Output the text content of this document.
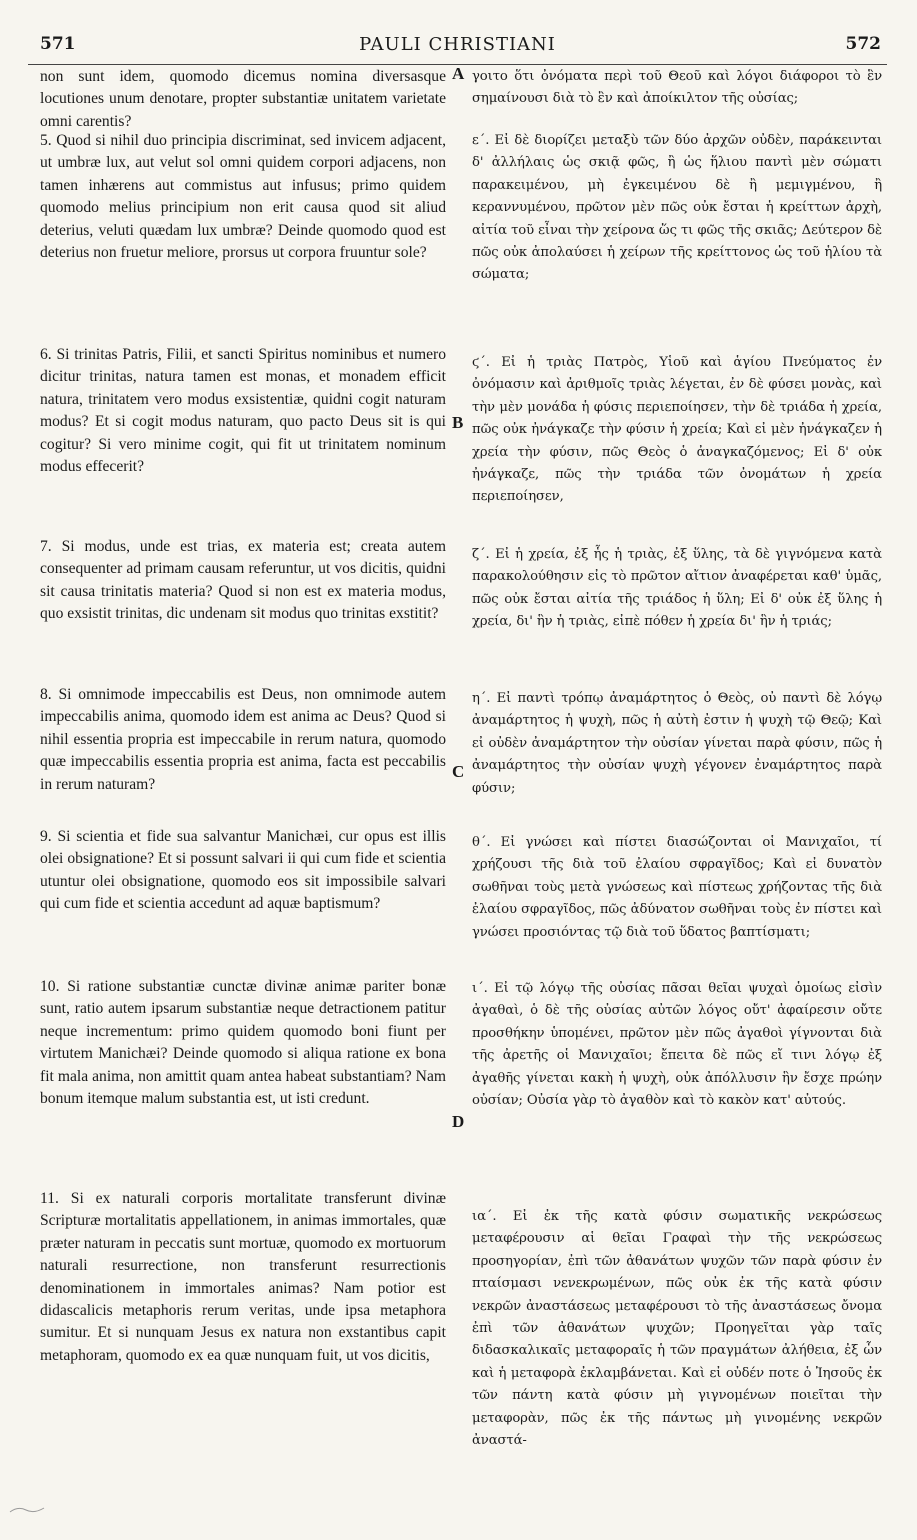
571	PAULI CHRISTIANI	572
A
B
C
D

non sunt idem, quomodo dicemus nomina diversasque locutiones unum denotare, propter substantiæ unitatem varietate omni carentis?

5. Quod si nihil duo principia discriminat, sed invicem adjacent, ut umbræ lux, aut velut sol omni quidem corpori adjacens, non tamen inhærens aut commistus aut infusus; primo quidem quomodo melius principium non erit causa quod sit aliud deterius, veluti quædam lux umbræ? Deinde quomodo quod est deterius non fruetur meliore, prorsus ut corpora fruuntur sole?

6. Si trinitas Patris, Filii, et sancti Spiritus nominibus et numero dicitur trinitas, natura tamen est monas, et monadem efficit natura, trinitatem vero modus exsistentiæ, quidni cogit naturam modus? Et si cogit modus naturam, quo pacto Deus sit is qui cogitur? Si vero minime cogit, qui fit ut trinitatem nominum modus effecerit?

7. Si modus, unde est trias, ex materia est; creata autem consequenter ad primam causam referuntur, ut vos dicitis, quidni sit causa trinitatis materia? Quod si non est ex materia modus, quo exsistit trinitas, dic undenam sit modus quo trinitas exstitit?

8. Si omnimode impeccabilis est Deus, non omnimode autem impeccabilis anima, quomodo idem est anima ac Deus? Quod si nihil essentia propria est impeccabile in rerum natura, quomodo quæ impeccabilis essentia propria est anima, facta est peccabilis in rerum naturam?

9. Si scientia et fide sua salvantur Manichæi, cur opus est illis olei obsignatione? Et si possunt salvari ii qui cum fide et scientia utuntur olei obsignatione, quomodo eos sit impossibile salvari qui cum fide et scientia accedunt ad aquæ baptismum?

10. Si ratione substantiæ cunctæ divinæ animæ pariter bonæ sunt, ratio autem ipsarum substantiæ neque detractionem patitur neque incrementum: primo quidem quomodo boni fiunt per virtutem Manichæi? Deinde quomodo si aliqua ratione ex bona fit mala anima, non amittit quam antea habeat substantiam? Nam bonum itemque malum substantia est, ut isti credunt.

11. Si ex naturali corporis mortalitate transferunt divinæ Scripturæ mortalitatis appellationem, in animas immortales, quæ præter naturam in peccatis sunt mortuæ, quomodo ex mortuorum naturali resurrectione, non transferunt resurrectionis denominationem in immortales animas? Nam potior est didascalicis metaphoris rerum veritas, unde ipsa metaphora sumitur. Et si nunquam Jesus ex natura non exstantibus capit metaphoram, quomodo ex ea quæ nunquam fuit, ut vos dicitis,

γοιτο ὅτι ὀνόματα περὶ τοῦ Θεοῦ καὶ λόγοι διάφοροι τὸ ἓν σημαίνουσι διὰ τὸ ἓν καὶ ἀποίκιλτον τῆς οὐσίας;

ε΄. Εἰ δὲ διορίζει μεταξὺ τῶν δύο ἀρχῶν οὐδὲν, παράκεινται δ' ἀλλήλαις ὡς σκιᾷ φῶς, ἢ ὡς ἥλιου παντὶ μὲν σώματι παρακειμένου, μὴ ἐγκειμένου δὲ ἢ μεμιγμένου, ἢ κεραννυμένου, πρῶτον μὲν πῶς οὐκ ἔσται ἡ κρείττων ἀρχὴ, αἰτία τοῦ εἶναι τὴν χείρονα ὥς τι φῶς τῆς σκιᾶς; Δεύτερον δὲ πῶς οὐκ ἀπολαύσει ἡ χείρων τῆς κρείττονος ὡς τοῦ ἡλίου τὰ σώματα;

ϛ΄. Εἰ ἡ τριὰς Πατρὸς, Υἱοῦ καὶ ἁγίου Πνεύματος ἐν ὀνόμασιν καὶ ἀριθμοῖς τριὰς λέγεται, ἐν δὲ φύσει μονὰς, καὶ τὴν μὲν μονάδα ἡ φύσις περιεποίησεν, τὴν δὲ τριάδα ἡ χρεία, πῶς οὐκ ἠνάγκαζε τὴν φύσιν ἡ χρεία; Καὶ εἰ μὲν ἠνάγκαζεν ἡ χρεία τὴν φύσιν, πῶς Θεὸς ὁ ἀναγκαζόμενος; Εἰ δ' οὐκ ἠνάγκαζε, πῶς τὴν τριάδα τῶν ὀνομάτων ἡ χρεία περιεποίησεν,

ζ΄. Εἰ ἡ χρεία, ἐξ ἧς ἡ τριὰς, ἐξ ὕλης, τὰ δὲ γιγνόμενα κατὰ παρακολούθησιν εἰς τὸ πρῶτον αἴτιον ἀναφέρεται καθ' ὑμᾶς, πῶς οὐκ ἔσται αἰτία τῆς τριάδος ἡ ὕλη; Εἰ δ' οὐκ ἐξ ὕλης ἡ χρεία, δι' ἣν ἡ τριὰς, εἰπὲ πόθεν ἡ χρεία δι' ἣν ἡ τριάς;

η΄. Εἰ παντὶ τρόπῳ ἀναμάρτητος ὁ Θεὸς, οὐ παντὶ δὲ λόγῳ ἀναμάρτητος ἡ ψυχὴ, πῶς ἡ αὐτὴ ἐστιν ἡ ψυχὴ τῷ Θεῷ; Καὶ εἰ οὐδὲν ἀναμάρτητον τὴν οὐσίαν γίνεται παρὰ φύσιν, πῶς ἡ ἀναμάρτητος τὴν οὐσίαν ψυχὴ γέγονεν ἐναμάρτητος παρὰ φύσιν;

θ΄. Εἰ γνώσει καὶ πίστει διασώζονται οἱ Μανιχαῖοι, τί χρήζουσι τῆς διὰ τοῦ ἐλαίου σφραγῖδος; Καὶ εἰ δυνατὸν σωθῆναι τοὺς μετὰ γνώσεως καὶ πίστεως χρήζοντας τῆς διὰ ἐλαίου σφραγῖδος, πῶς ἀδύνατον σωθῆναι τοὺς ἐν πίστει καὶ γνώσει προσιόντας τῷ διὰ τοῦ ὕδατος βαπτίσματι;

ι΄. Εἰ τῷ λόγῳ τῆς οὐσίας πᾶσαι θεῖαι ψυχαὶ ὁμοίως εἰσὶν ἀγαθαὶ, ὁ δὲ τῆς οὐσίας αὐτῶν λόγος οὔτ' ἀφαίρεσιν οὔτε προσθήκην ὑπομένει, πρῶτον μὲν πῶς ἀγαθοὶ γίγνονται διὰ τῆς ἀρετῆς οἱ Μανιχαῖοι; ἔπειτα δὲ πῶς εἴ τινι λόγῳ ἐξ ἀγαθῆς γίνεται κακὴ ἡ ψυχὴ, οὐκ ἀπόλλυσιν ἣν ἔσχε πρώην οὐσίαν; Οὐσία γὰρ τὸ ἀγαθὸν καὶ τὸ κακὸν κατ' αὐτούς.

ια΄. Εἰ ἐκ τῆς κατὰ φύσιν σωματικῆς νεκρώσεως μεταφέρουσιν αἱ θεῖαι Γραφαὶ τὴν τῆς νεκρώσεως προσηγορίαν, ἐπὶ τῶν ἀθανάτων ψυχῶν τῶν παρὰ φύσιν ἐν πταίσμασι νενεκρωμένων, πῶς οὐκ ἐκ τῆς κατὰ φύσιν νεκρῶν ἀναστάσεως μεταφέρουσι τὸ τῆς ἀναστάσεως ὄνομα ἐπὶ τῶν ἀθανάτων ψυχῶν; Προηγεῖται γὰρ ταῖς διδασκαλικαῖς μεταφοραῖς ἡ τῶν πραγμάτων ἀλήθεια, ἐξ ὧν καὶ ἡ μεταφορὰ ἐκλαμβάνεται. Καὶ εἰ οὐδέν ποτε ὁ Ἰησοῦς ἐκ τῶν πάντη κατὰ φύσιν μὴ γιγνομένων ποιεῖται τὴν μεταφορὰν, πῶς ἐκ τῆς πάντως μὴ γινομένης νεκρῶν ἀναστά-
